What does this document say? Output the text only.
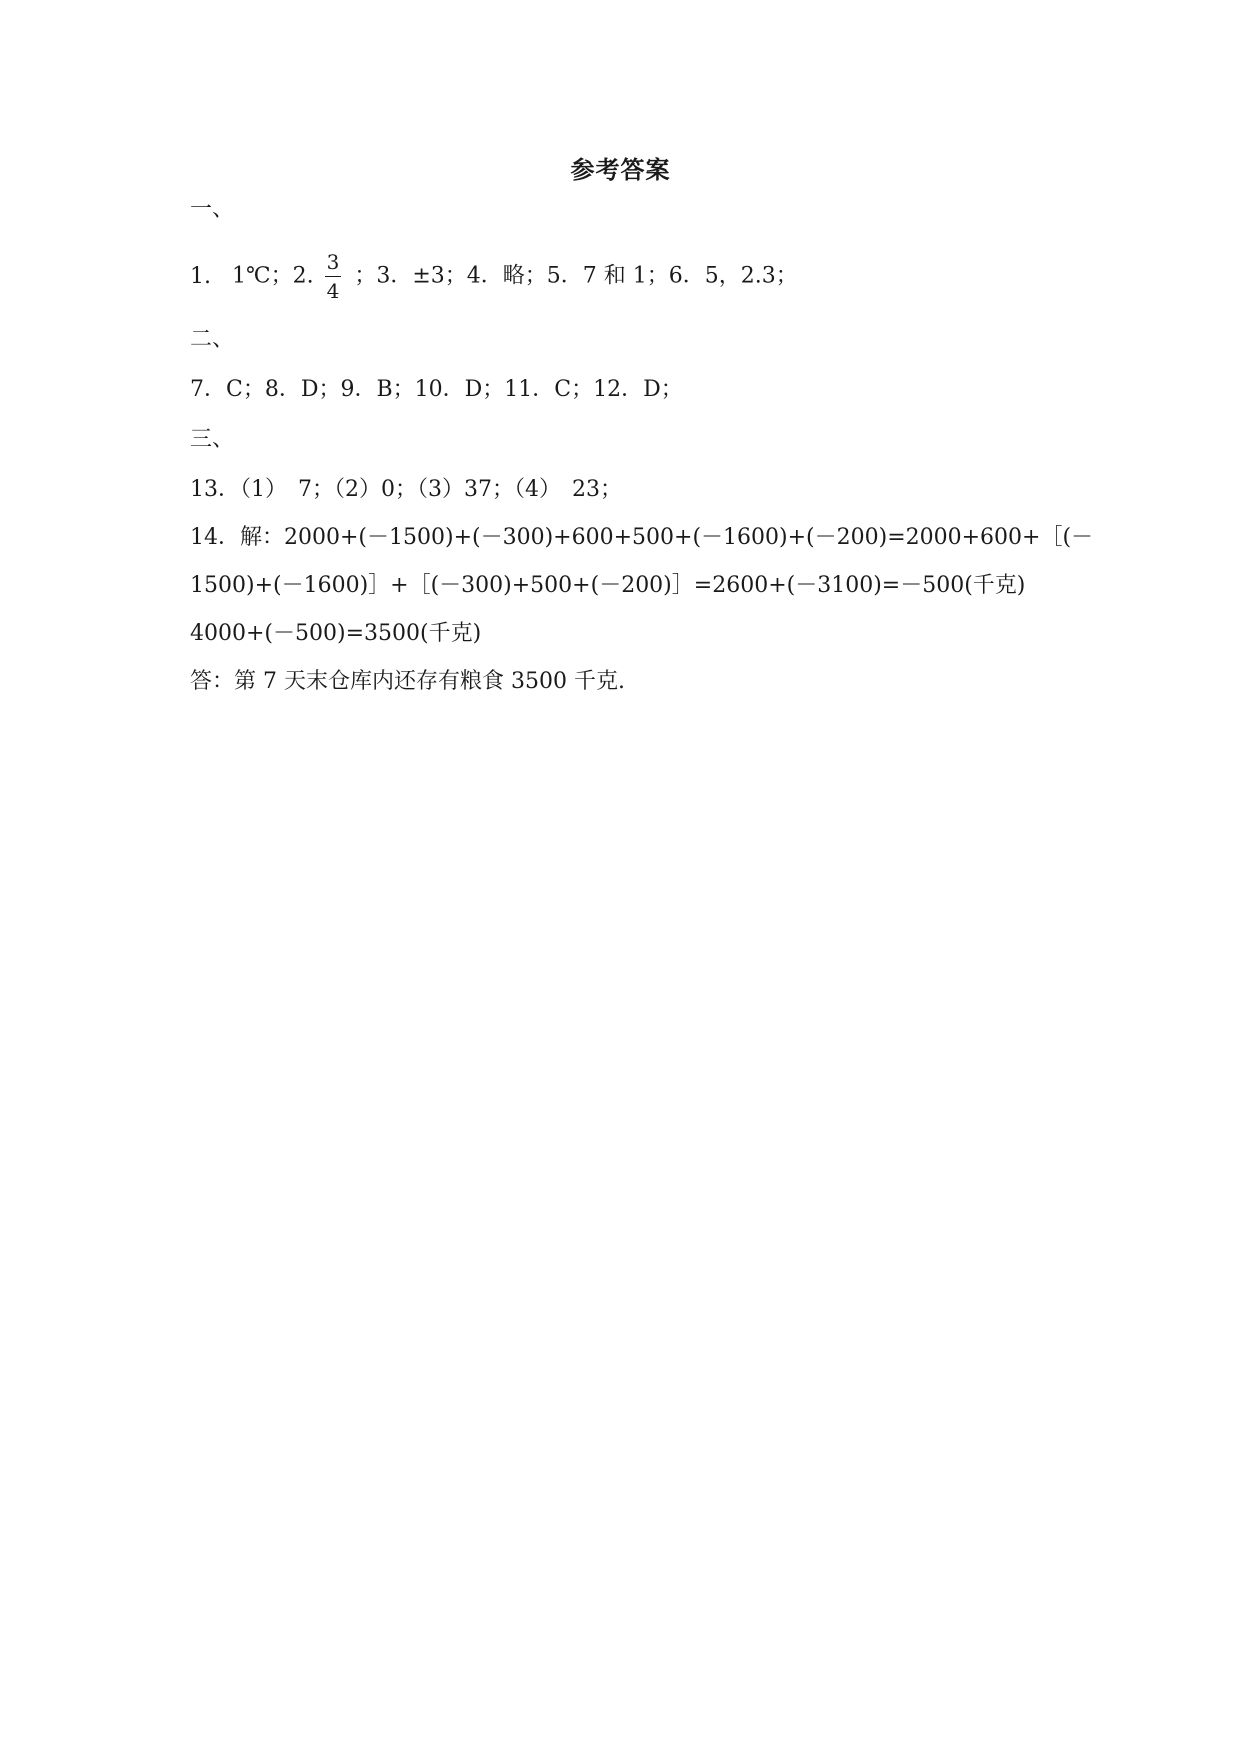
参考答案
一、
1. 1℃；2. $\frac{3}{4}$ ；3．±3；4．略；5．7 和 1；6．5，2.3；
二、
7．C；8．D；9．B；10．D；11．C；12．D；
三、
13．（1）　7；（2）0；（3）37；（4）　23；
14．解：2000+(－1500)+(－300)+600+500+(－1600)+(－200)=2000+600+［(－
1500)+(－1600)］+［(－300)+500+(－200)］=2600+(－3100)=－500(千克)
4000+(－500)=3500(千克)
答：第 7 天末仓库内还存有粮食 3500 千克.
